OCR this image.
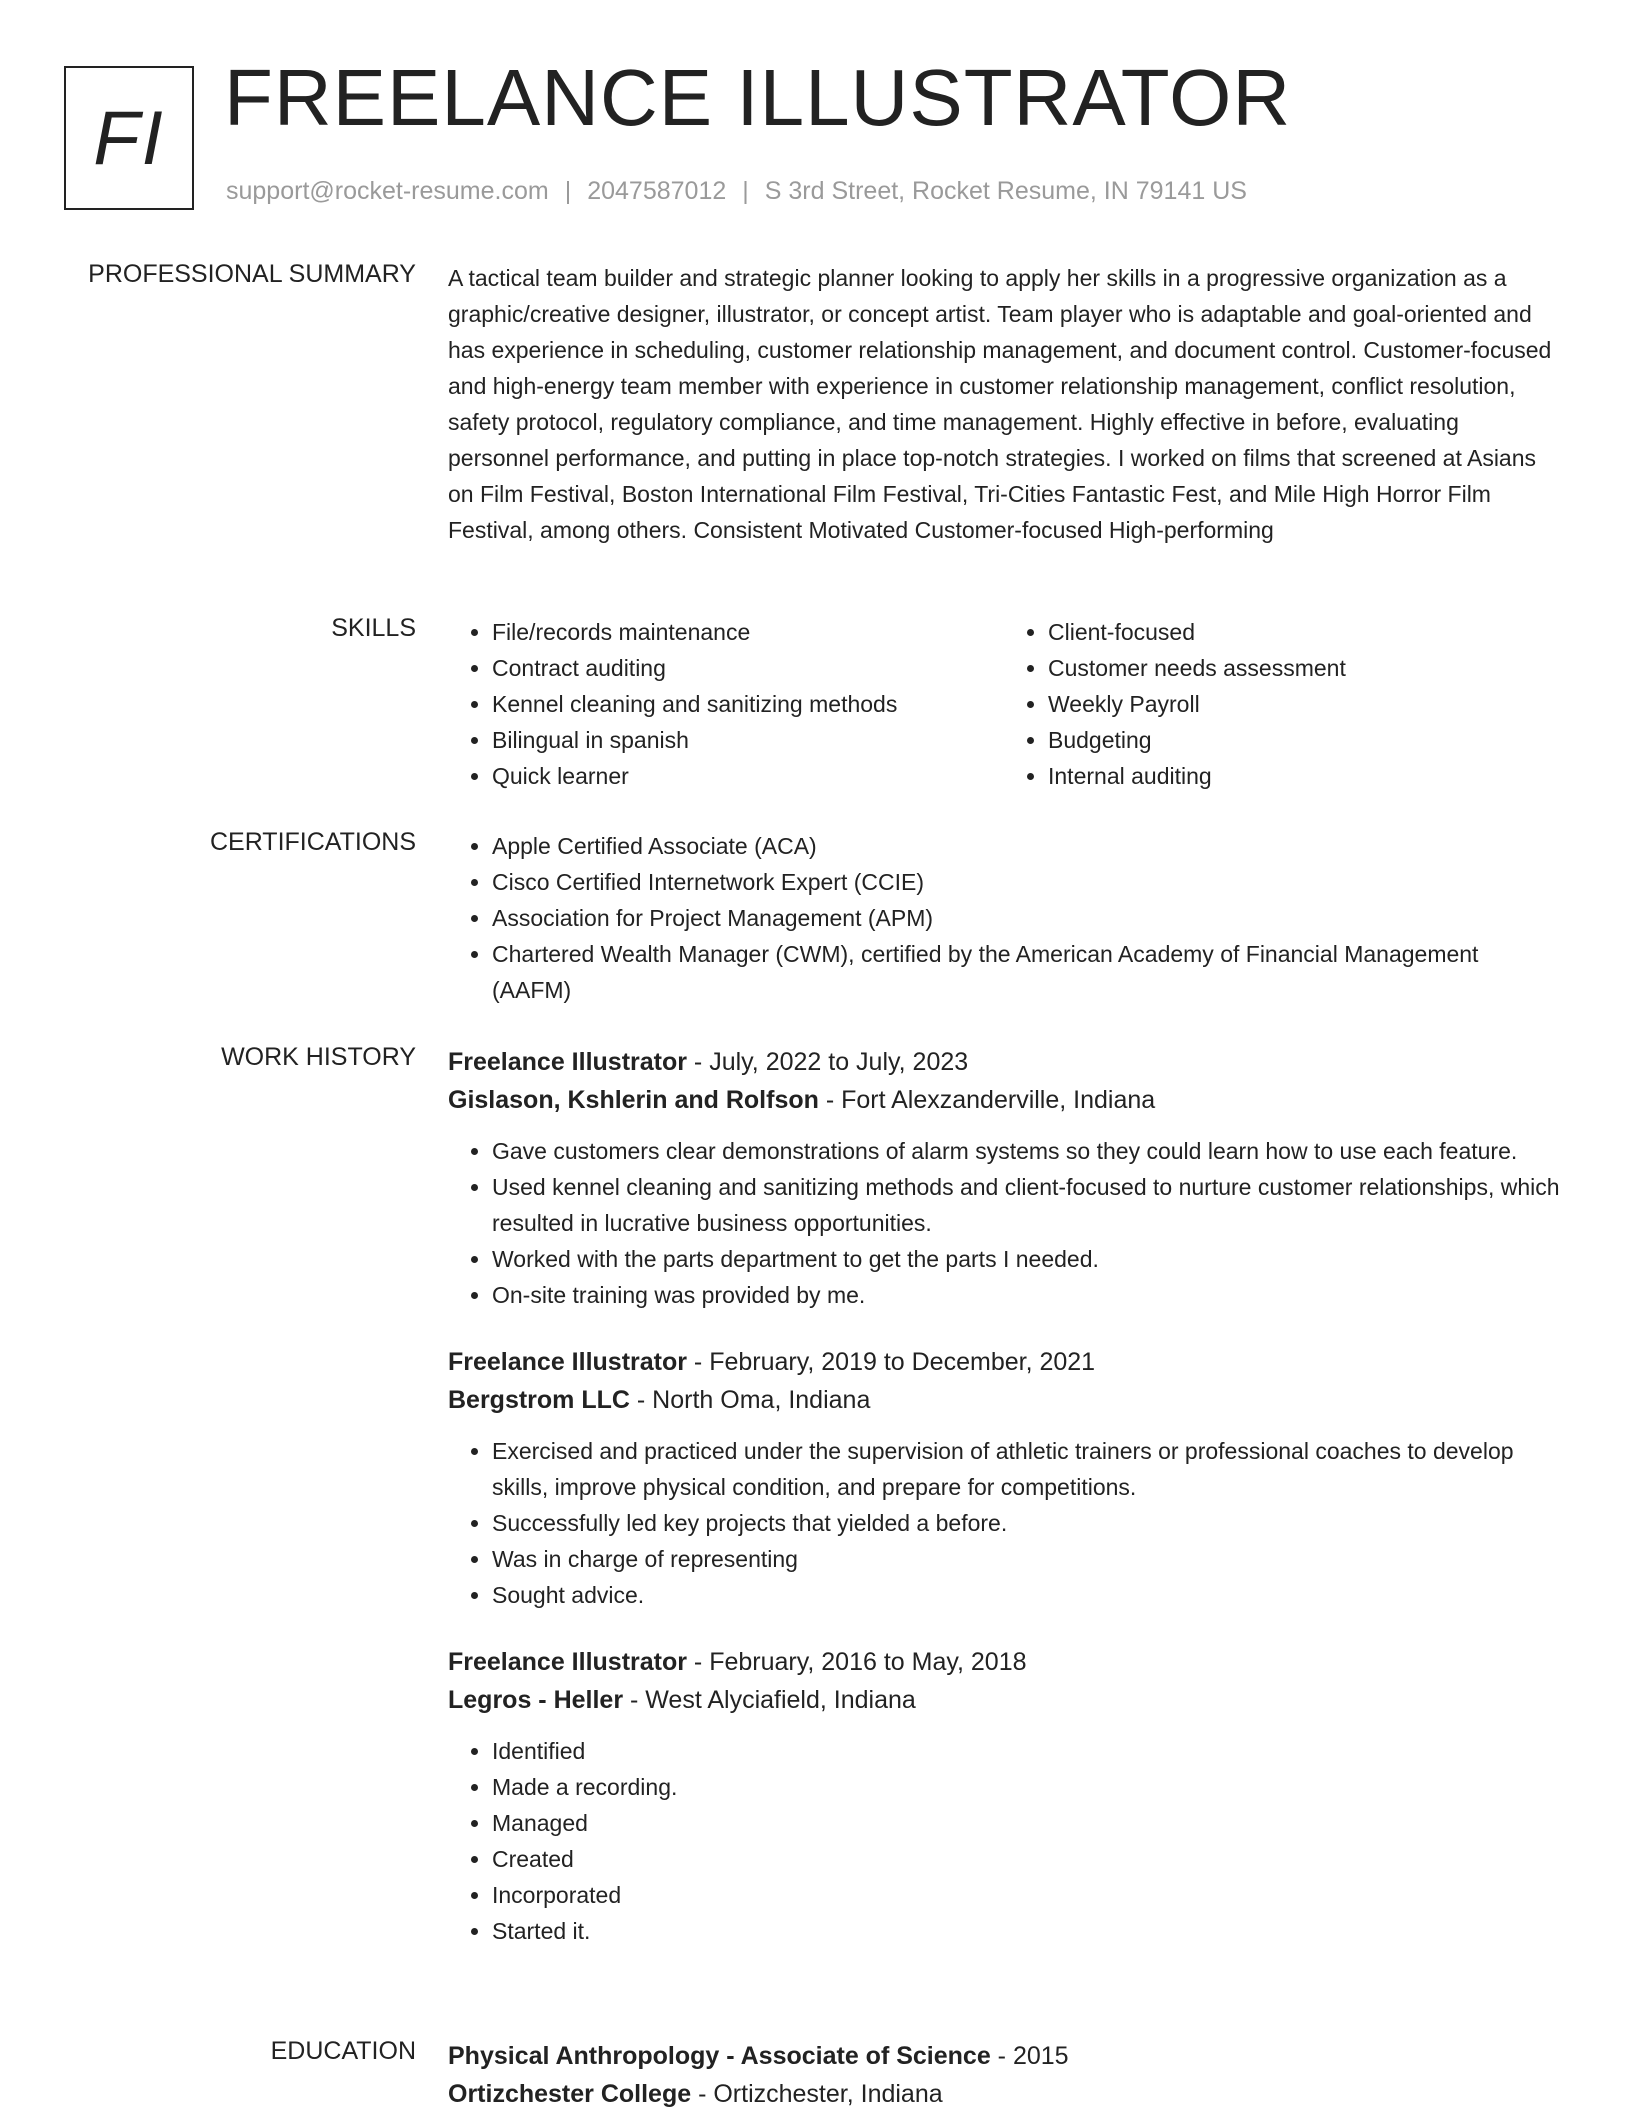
FI FREELANCE ILLUSTRATOR
support@rocket-resume.com | 2047587012 | S 3rd Street, Rocket Resume, IN 79141 US
PROFESSIONAL SUMMARY A tactical team builder and strategic planner looking to apply her skills in a progressive organization as a graphic/creative designer, illustrator, or concept artist. Team player who is adaptable and goal-oriented and has experience in scheduling, customer relationship management, and document control. Customer-focused and high-energy team member with experience in customer relationship management, conflict resolution, safety protocol, regulatory compliance, and time management. Highly effective in before, evaluating personnel performance, and putting in place top-notch strategies. I worked on films that screened at Asians on Film Festival, Boston International Film Festival, Tri-Cities Fantastic Fest, and Mile High Horror Film Festival, among others. Consistent Motivated Customer-focused High-performing
SKILLS	• File/records maintenance
• Contract auditing
• Kennel cleaning and sanitizing methods
• Bilingual in spanish
• Quick learner
• Client-focused
• Customer needs assessment
• Weekly Payroll
• Budgeting
• Internal auditing
CERTIFICATIONS	• Apple Certified Associate (ACA)
• Cisco Certified Internetwork Expert (CCIE)
• Association for Project Management (APM)
• Chartered Wealth Manager (CWM), certified by the American Academy of Financial Management (AAFM)
WORK HISTORY Freelance Illustrator - July, 2022 to July, 2023
Gislason, Kshlerin and Rolfson - Fort Alexzanderville, Indiana
• Gave customers clear demonstrations of alarm systems so they could learn how to use each feature.
• Used kennel cleaning and sanitizing methods and client-focused to nurture customer relationships, which resulted in lucrative business opportunities.
• Worked with the parts department to get the parts I needed.
• On-site training was provided by me.
Freelance Illustrator - February, 2019 to December, 2021
Bergstrom LLC - North Oma, Indiana
• Exercised and practiced under the supervision of athletic trainers or professional coaches to develop skills, improve physical condition, and prepare for competitions.
• Successfully led key projects that yielded a before.
• Was in charge of representing
• Sought advice.
Freelance Illustrator - February, 2016 to May, 2018
Legros - Heller - West Alyciafield, Indiana
• Identified
• Made a recording.
• Managed
• Created
• Incorporated
• Started it.
EDUCATION Physical Anthropology - Associate of Science - 2015
Ortizchester College - Ortizchester, Indiana
